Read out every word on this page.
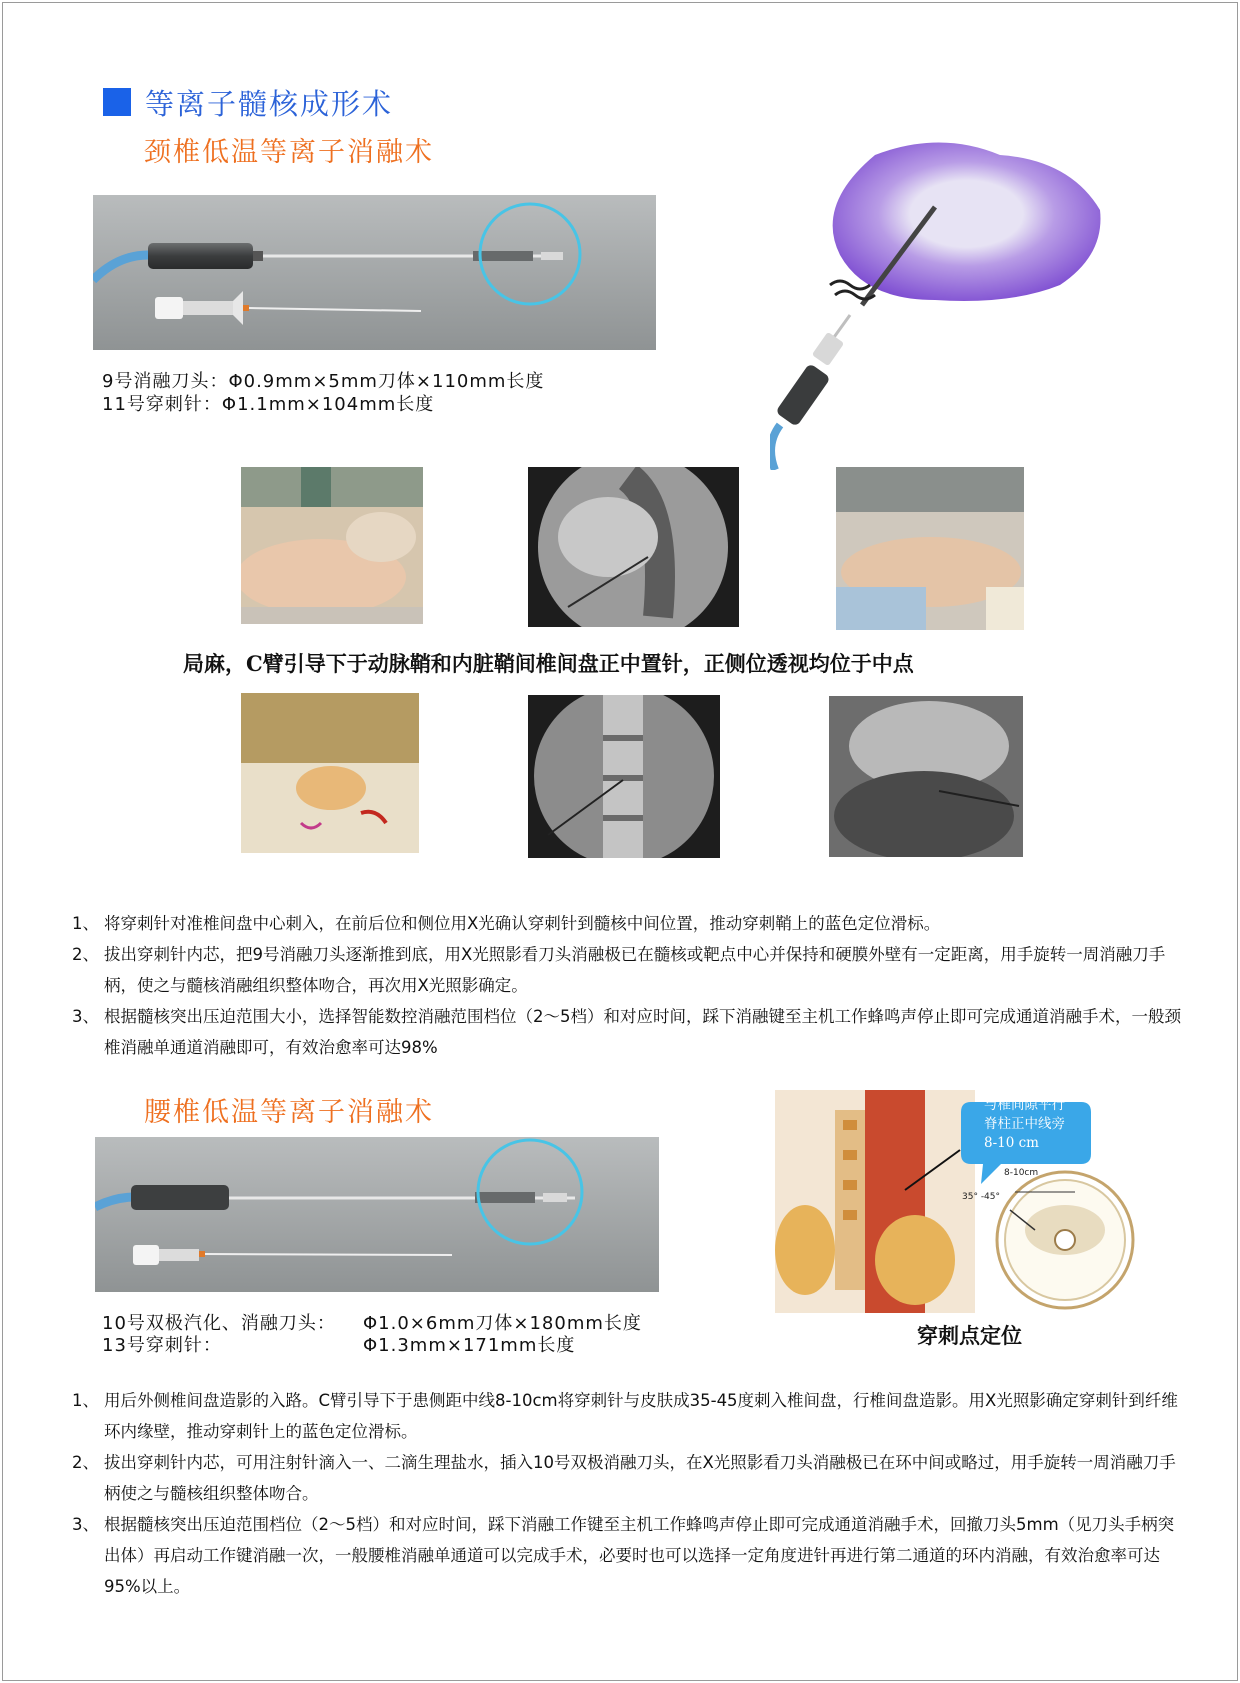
等离子髓核成形术
颈椎低温等离子消融术
9号消融刀头：Φ0.9mm×5mm刀体×110mm长度
11号穿刺针：Φ1.1mm×104mm长度
局麻，C臂引导下于动脉鞘和内脏鞘间椎间盘正中置针，正侧位透视均位于中点
1、 将穿刺针对准椎间盘中心刺入，在前后位和侧位用X光确认穿刺针到髓核中间位置，推动穿刺鞘上的蓝色定位滑标。
2、 拔出穿刺针内芯，把9号消融刀头逐渐推到底，用X光照影看刀头消融极已在髓核或靶点中心并保持和硬膜外壁有一定距离，用手旋转一周消融刀手柄，使之与髓核消融组织整体吻合，再次用X光照影确定。
3、 根据髓核突出压迫范围大小，选择智能数控消融范围档位（2～5档）和对应时间，踩下消融键至主机工作蜂鸣声停止即可完成通道消融手术，一般颈椎消融单通道消融即可，有效治愈率可达98%
腰椎低温等离子消融术
10号双极汽化、消融刀头： Φ1.0×6mm刀体×180mm长度
13号穿刺针：	Φ1.3mm×171mm长度
与椎间隙平行
脊柱正中线旁
8-10 cm
8-10cm
35° -45°
穿刺点定位
1、 用后外侧椎间盘造影的入路。C臂引导下于患侧距中线8-10cm将穿刺针与皮肤成35-45度刺入椎间盘，行椎间盘造影。用X光照影确定穿刺针到纤维环内缘壁，推动穿刺针上的蓝色定位滑标。
2、 拔出穿刺针内芯，可用注射针滴入一、二滴生理盐水，插入10号双极消融刀头，在X光照影看刀头消融极已在环中间或略过，用手旋转一周消融刀手柄使之与髓核组织整体吻合。
3、 根据髓核突出压迫范围档位（2～5档）和对应时间，踩下消融工作键至主机工作蜂鸣声停止即可完成通道消融手术，回撤刀头5mm（见刀头手柄突出体）再启动工作键消融一次，一般腰椎消融单通道可以完成手术，必要时也可以选择一定角度进针再进行第二通道的环内消融，有效治愈率可达95%以上。
